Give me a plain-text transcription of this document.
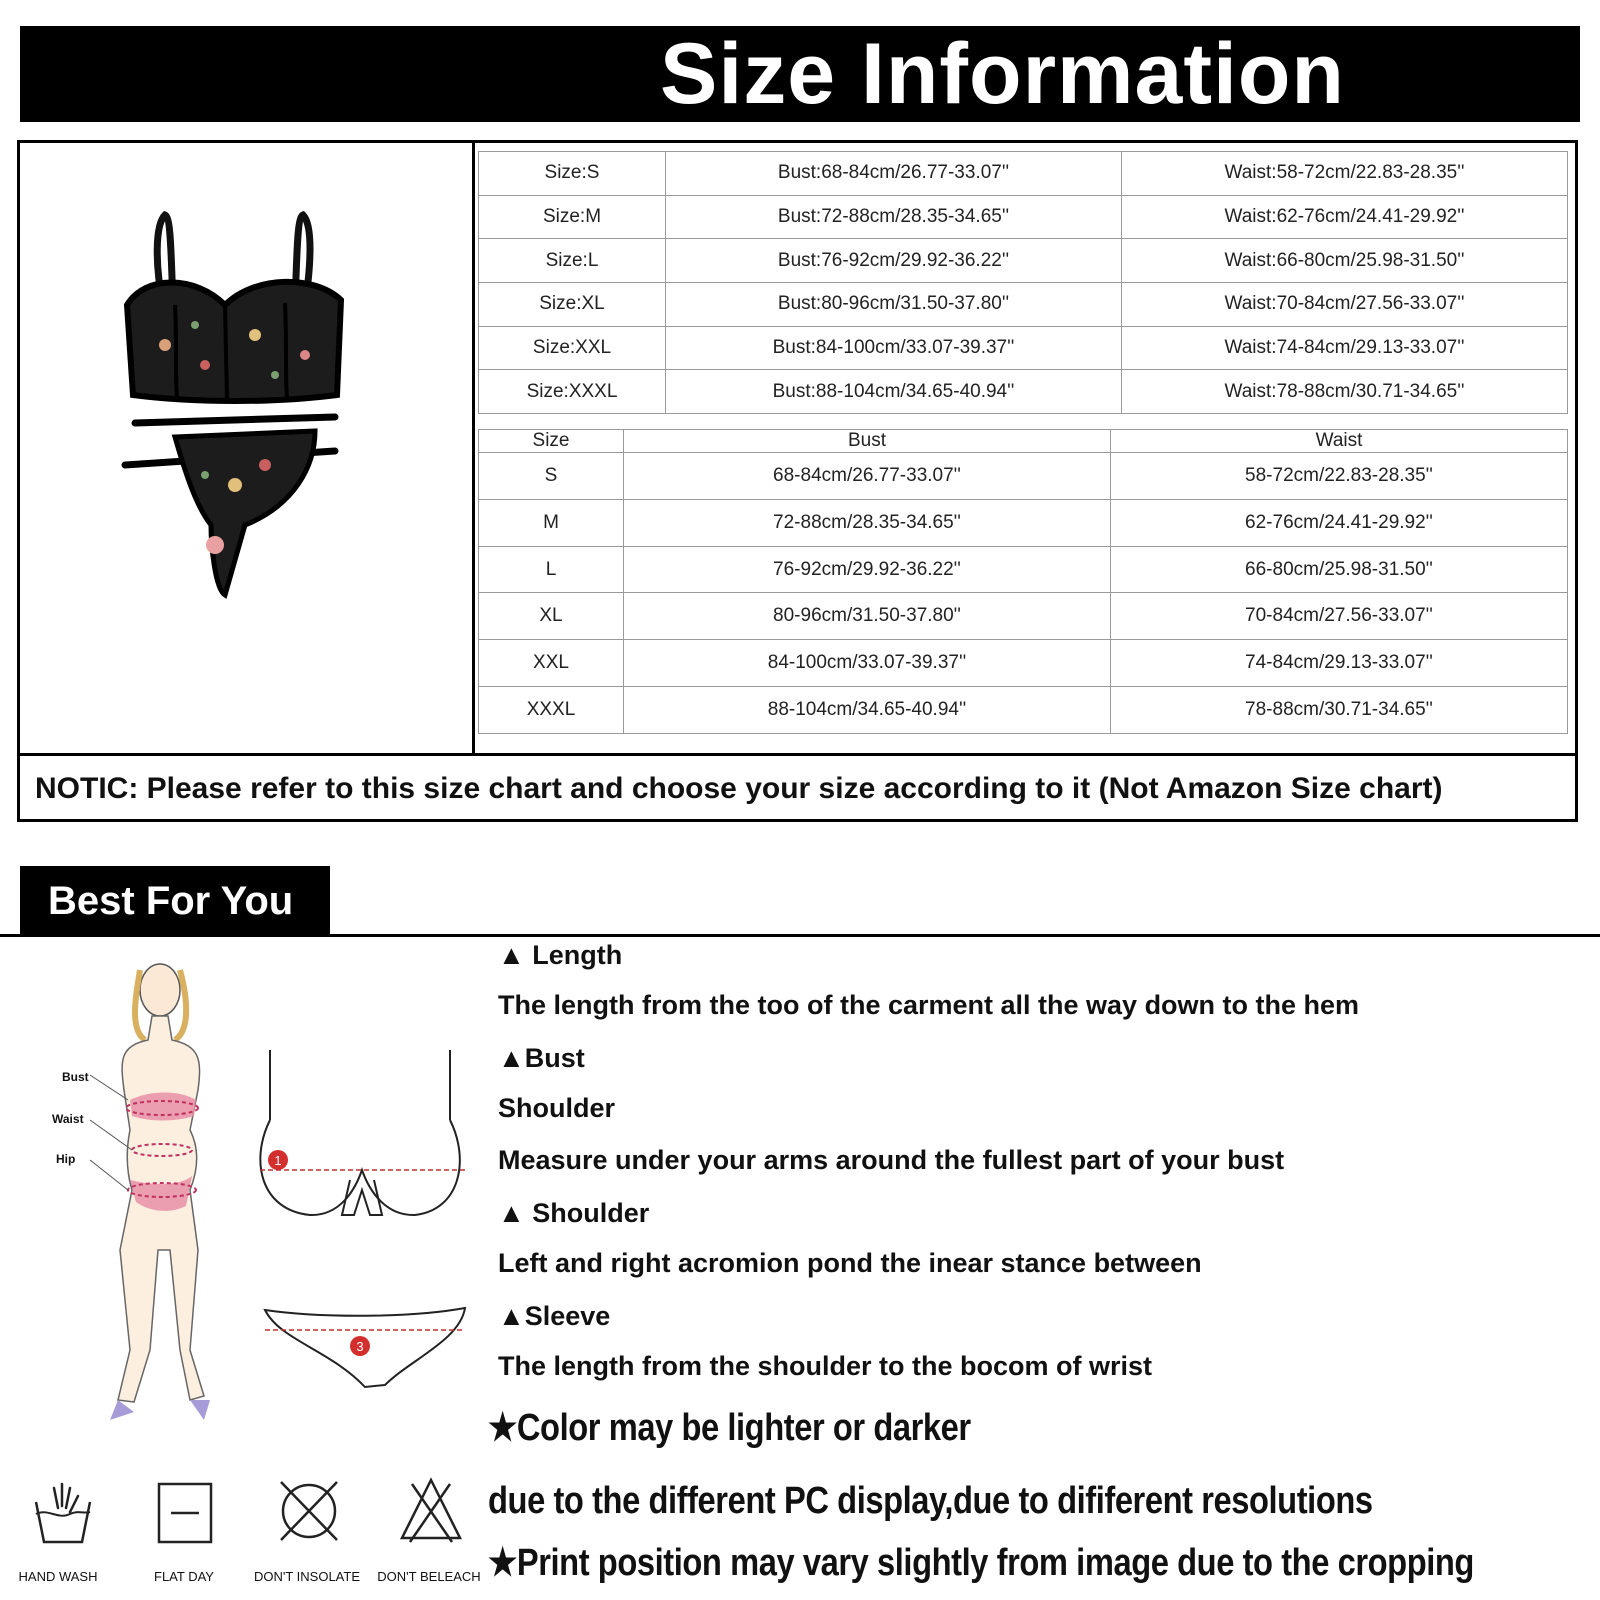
Size Information
Size:S	Bust:68-84cm/26.77-33.07''	Waist:58-72cm/22.83-28.35''
Size:M	Bust:72-88cm/28.35-34.65''	Waist:62-76cm/24.41-29.92''
Size:L	Bust:76-92cm/29.92-36.22''	Waist:66-80cm/25.98-31.50''
Size:XL	Bust:80-96cm/31.50-37.80''	Waist:70-84cm/27.56-33.07''
Size:XXL	Bust:84-100cm/33.07-39.37''	Waist:74-84cm/29.13-33.07''
Size:XXXL	Bust:88-104cm/34.65-40.94''	Waist:78-88cm/30.71-34.65''
Size	Bust	Waist
S	68-84cm/26.77-33.07''	58-72cm/22.83-28.35''
M	72-88cm/28.35-34.65''	62-76cm/24.41-29.92''
L	76-92cm/29.92-36.22''	66-80cm/25.98-31.50''
XL	80-96cm/31.50-37.80''	70-84cm/27.56-33.07''
XXL	84-100cm/33.07-39.37''	74-84cm/29.13-33.07''
XXXL	88-104cm/34.65-40.94''	78-88cm/30.71-34.65''
NOTIC: Please refer to this size chart and choose your size according to it (Not Amazon Size chart)
Best For You
Bust
Waist
Hip	1
3
▲ Length
The length from the too of the carment all the way down to the hem
▲Bust
Shoulder
Measure under your arms around the fullest part of your bust
▲ Shoulder
Left and right acromion pond the inear stance between
▲Sleeve
The length from the shoulder to the bocom of wrist
★Color may be lighter or darker
due to the different PC display,due to dififerent resolutions
★Print position may vary slightly from image due to the cropping
HAND WASH	FLAT DAY	DON'T INSOLATE DON'T BELEACH
